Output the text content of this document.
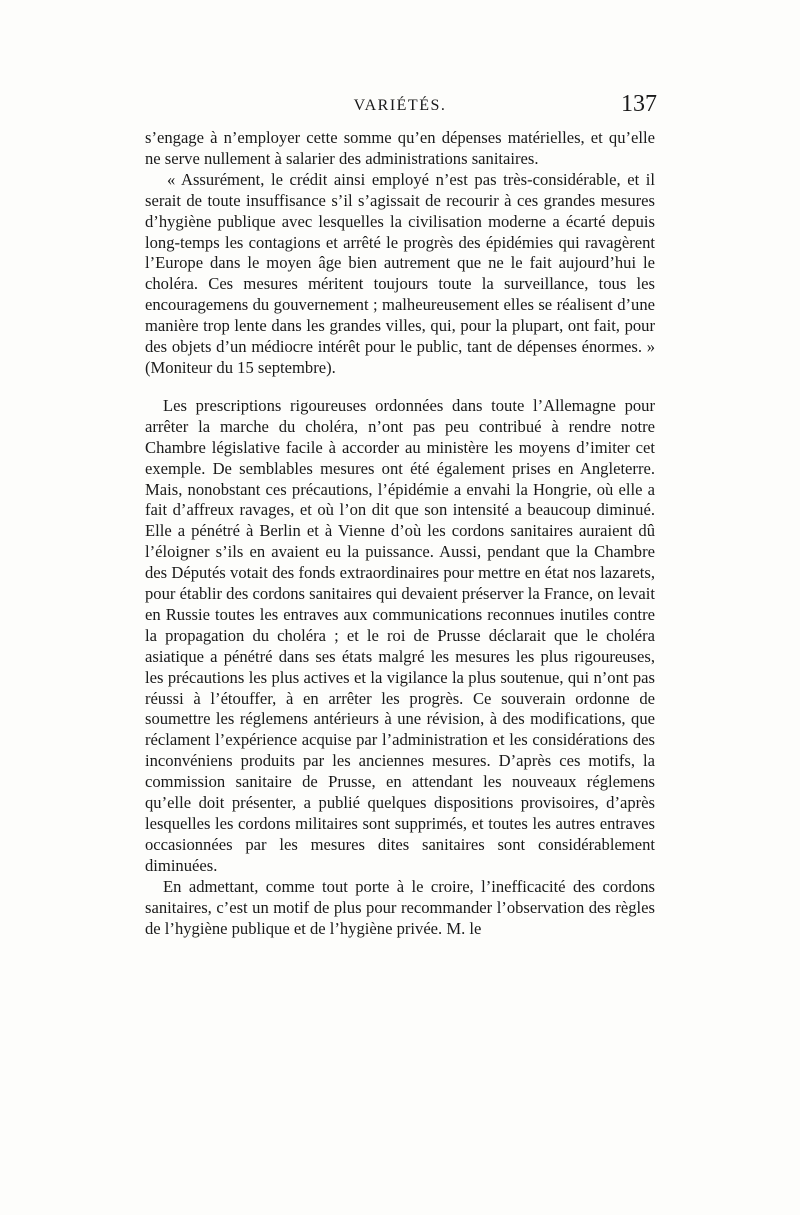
VARIÉTÉS.	137

s’engage à n’employer cette somme qu’en dépenses matérielles, et qu’elle ne serve nullement à salarier des administrations sanitaires.

« Assurément, le crédit ainsi employé n’est pas très-considérable, et il serait de toute insuffisance s’il s’agissait de recourir à ces grandes mesures d’hygiène publique avec lesquelles la civilisation moderne a écarté depuis long-temps les contagions et arrêté le progrès des épidémies qui ravagèrent l’Europe dans le moyen âge bien autrement que ne le fait aujourd’hui le choléra. Ces mesures méritent toujours toute la surveillance, tous les encouragemens du gouvernement ; malheureusement elles se réalisent d’une manière trop lente dans les grandes villes, qui, pour la plupart, ont fait, pour des objets d’un médiocre intérêt pour le public, tant de dépenses énormes. » (Moniteur du 15 septembre).

Les prescriptions rigoureuses ordonnées dans toute l’Allemagne pour arrêter la marche du choléra, n’ont pas peu contribué à rendre notre Chambre législative facile à accorder au ministère les moyens d’imiter cet exemple. De semblables mesures ont été également prises en Angleterre. Mais, nonobstant ces précautions, l’épidémie a envahi la Hongrie, où elle a fait d’affreux ravages, et où l’on dit que son intensité a beaucoup diminué. Elle a pénétré à Berlin et à Vienne d’où les cordons sanitaires auraient dû l’éloigner s’ils en avaient eu la puissance. Aussi, pendant que la Chambre des Députés votait des fonds extraordinaires pour mettre en état nos lazarets, pour établir des cordons sanitaires qui devaient préserver la France, on levait en Russie toutes les entraves aux communications reconnues inutiles contre la propagation du choléra ; et le roi de Prusse déclarait que le choléra asiatique a pénétré dans ses états malgré les mesures les plus rigoureuses, les précautions les plus actives et la vigilance la plus soutenue, qui n’ont pas réussi à l’étouffer, à en arrêter les progrès. Ce souverain ordonne de soumettre les réglemens antérieurs à une révision, à des modifications, que réclament l’expérience acquise par l’administration et les considérations des inconvéniens produits par les anciennes mesures. D’après ces motifs, la commission sanitaire de Prusse, en attendant les nouveaux réglemens qu’elle doit présenter, a publié quelques dispositions provisoires, d’après lesquelles les cordons militaires sont supprimés, et toutes les autres entraves occasionnées par les mesures dites sanitaires sont considérablement diminuées.

En admettant, comme tout porte à le croire, l’inefficacité des cordons sanitaires, c’est un motif de plus pour recommander l’observation des règles de l’hygiène publique et de l’hygiène privée. M. le
